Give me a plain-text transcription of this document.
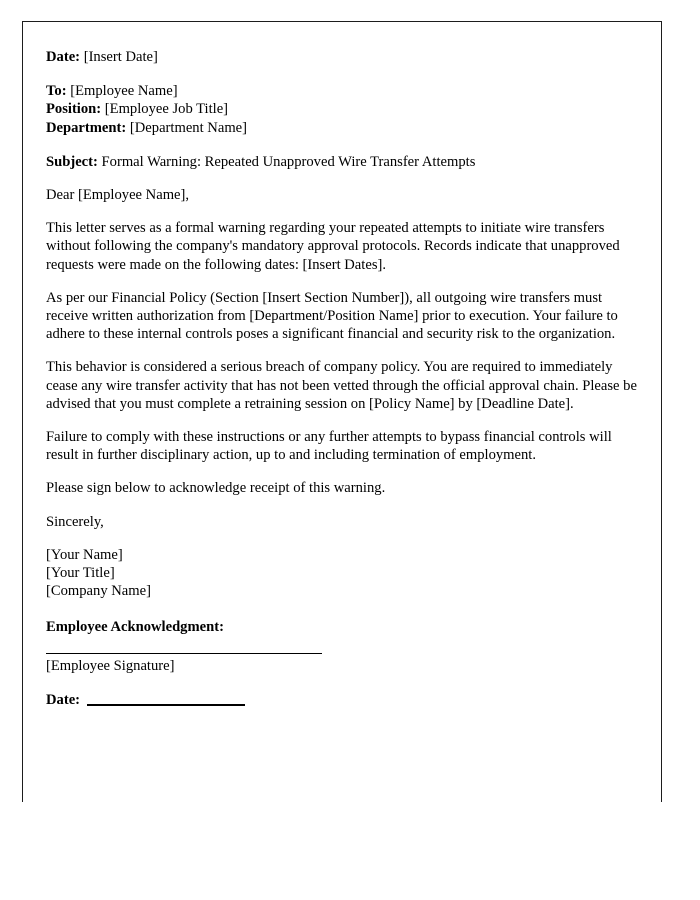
Date: [Insert Date]
To: [Employee Name]
Position: [Employee Job Title]
Department: [Department Name]
Subject: Formal Warning: Repeated Unapproved Wire Transfer Attempts
Dear [Employee Name],

This letter serves as a formal warning regarding your repeated attempts to initiate wire transfers without following the company's mandatory approval protocols. Records indicate that unapproved requests were made on the following dates: [Insert Dates].

As per our Financial Policy (Section [Insert Section Number]), all outgoing wire transfers must receive written authorization from [Department/Position Name] prior to execution. Your failure to adhere to these internal controls poses a significant financial and security risk to the organization.

This behavior is considered a serious breach of company policy. You are required to immediately cease any wire transfer activity that has not been vetted through the official approval chain. Please be advised that you must complete a retraining session on [Policy Name] by [Deadline Date].

Failure to comply with these instructions or any further attempts to bypass financial controls will result in further disciplinary action, up to and including termination of employment.

Please sign below to acknowledge receipt of this warning.

Sincerely,
[Your Name]
[Your Title]
[Company Name]
Employee Acknowledgment:
[Employee Signature]
Date:
